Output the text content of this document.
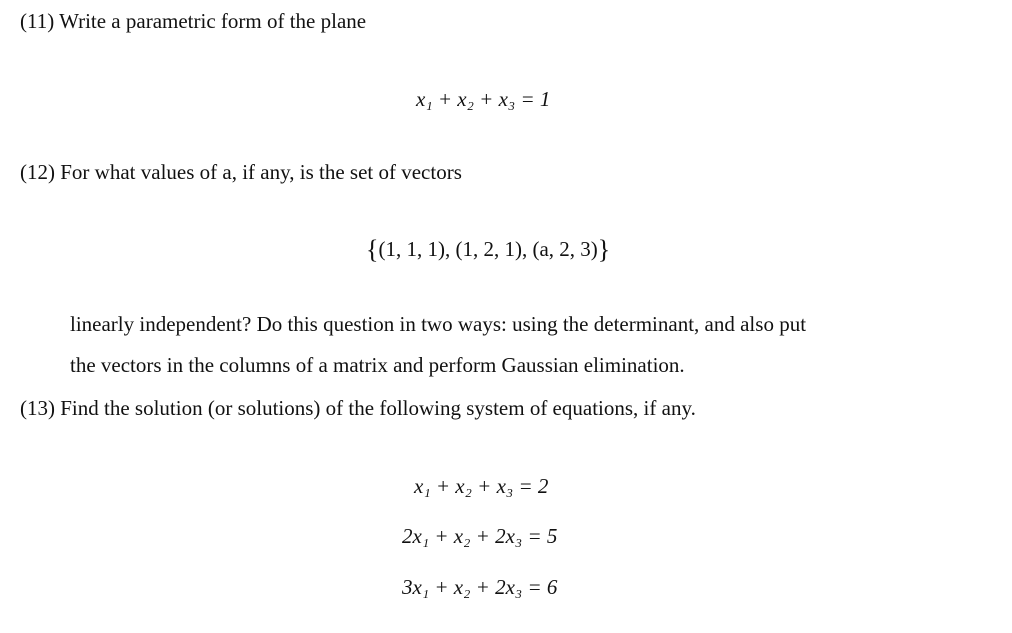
(11) Write a parametric form of the plane
x₁ + x₂ + x₃ = 1
(12) For what values of a, if any, is the set of vectors
{(1, 1, 1), (1, 2, 1), (a, 2, 3)}
linearly independent? Do this question in two ways: using the determinant, and also put
the vectors in the columns of a matrix and perform Gaussian elimination.
(13) Find the solution (or solutions) of the following system of equations, if any.
x₁ + x₂ + x₃ = 2
2x₁ + x₂ + 2x₃ = 5
3x₁ + x₂ + 2x₃ = 6
